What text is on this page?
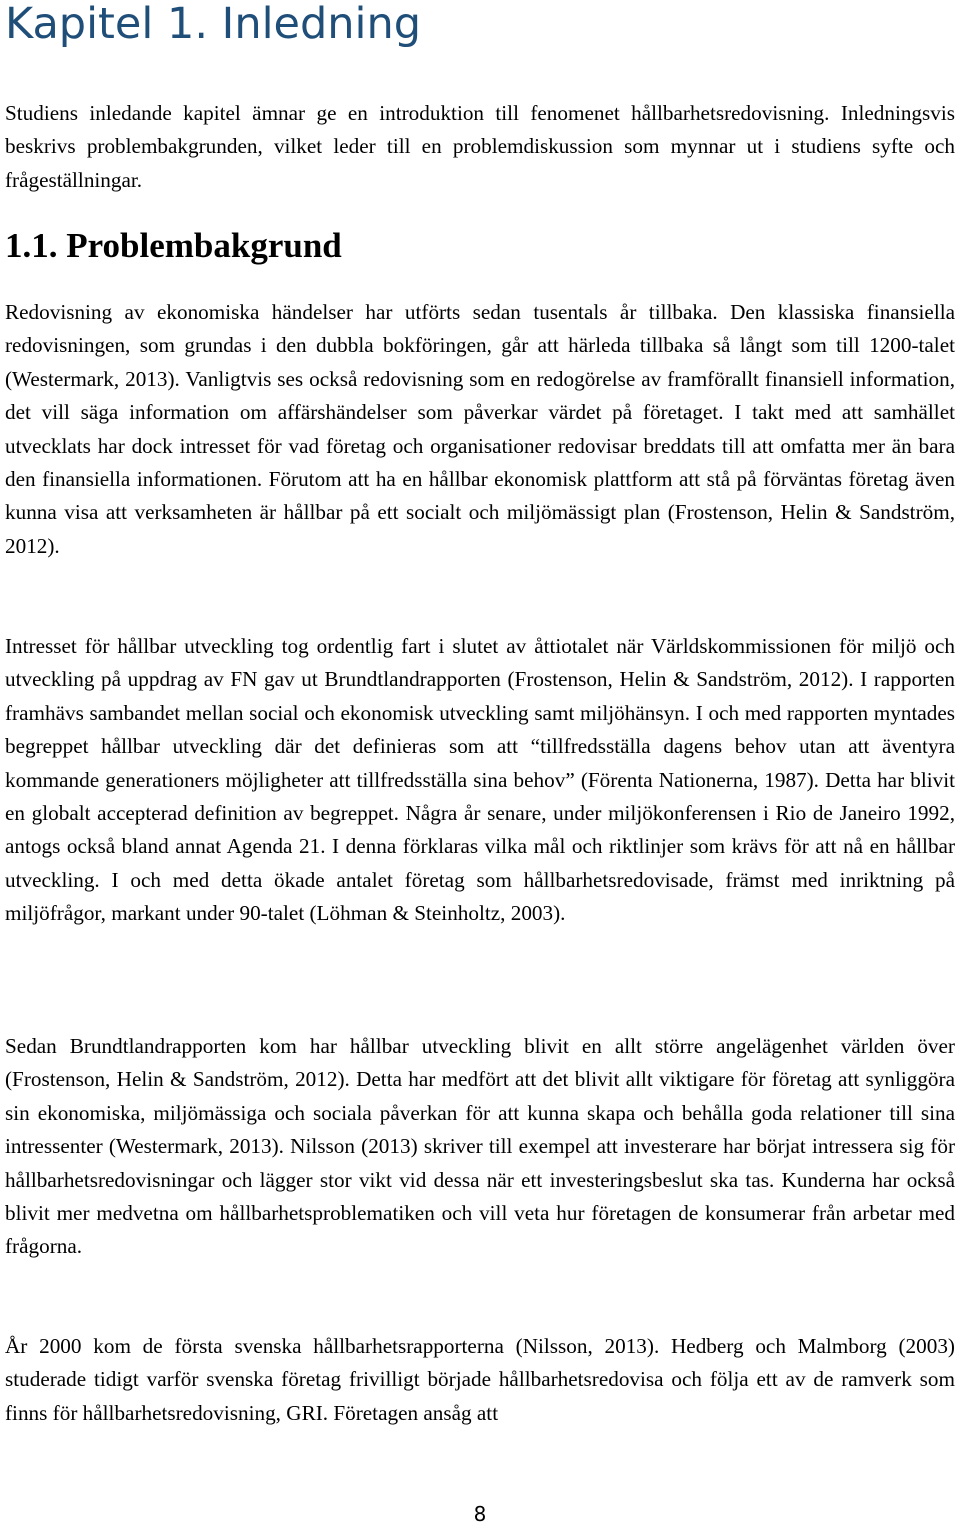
Kapitel 1. Inledning

Studiens inledande kapitel ämnar ge en introduktion till fenomenet hållbarhetsredovisning. Inledningsvis beskrivs problembakgrunden, vilket leder till en problemdiskussion som mynnar ut i studiens syfte och frågeställningar.

1.1. Problembakgrund

Redovisning av ekonomiska händelser har utförts sedan tusentals år tillbaka. Den klassiska finansiella redovisningen, som grundas i den dubbla bokföringen, går att härleda tillbaka så långt som till 1200-talet (Westermark, 2013). Vanligtvis ses också redovisning som en redogörelse av framförallt finansiell information, det vill säga information om affärshändelser som påverkar värdet på företaget. I takt med att samhället utvecklats har dock intresset för vad företag och organisationer redovisar breddats till att omfatta mer än bara den finansiella informationen. Förutom att ha en hållbar ekonomisk plattform att stå på förväntas företag även kunna visa att verksamheten är hållbar på ett socialt och miljömässigt plan (Frostenson, Helin & Sandström, 2012).

Intresset för hållbar utveckling tog ordentlig fart i slutet av åttiotalet när Världskommissionen för miljö och utveckling på uppdrag av FN gav ut Brundtlandrapporten (Frostenson, Helin & Sandström, 2012). I rapporten framhävs sambandet mellan social och ekonomisk utveckling samt miljöhänsyn. I och med rapporten myntades begreppet hållbar utveckling där det definieras som att “tillfredsställa dagens behov utan att äventyra kommande generationers möjligheter att tillfredsställa sina behov” (Förenta Nationerna, 1987). Detta har blivit en globalt accepterad definition av begreppet. Några år senare, under miljökonferensen i Rio de Janeiro 1992, antogs också bland annat Agenda 21. I denna förklaras vilka mål och riktlinjer som krävs för att nå en hållbar utveckling. I och med detta ökade antalet företag som hållbarhetsredovisade, främst med inriktning på miljöfrågor, markant under 90-talet (Löhman & Steinholtz, 2003).

Sedan Brundtlandrapporten kom har hållbar utveckling blivit en allt större angelägenhet världen över (Frostenson, Helin & Sandström, 2012). Detta har medfört att det blivit allt viktigare för företag att synliggöra sin ekonomiska, miljömässiga och sociala påverkan för att kunna skapa och behålla goda relationer till sina intressenter (Westermark, 2013). Nilsson (2013) skriver till exempel att investerare har börjat intressera sig för hållbarhetsredovisningar och lägger stor vikt vid dessa när ett investeringsbeslut ska tas. Kunderna har också blivit mer medvetna om hållbarhetsproblematiken och vill veta hur företagen de konsumerar från arbetar med frågorna.

År 2000 kom de första svenska hållbarhetsrapporterna (Nilsson, 2013). Hedberg och Malmborg (2003) studerade tidigt varför svenska företag frivilligt började hållbarhetsredovisa och följa ett av de ramverk som finns för hållbarhetsredovisning, GRI. Företagen ansåg att

8
